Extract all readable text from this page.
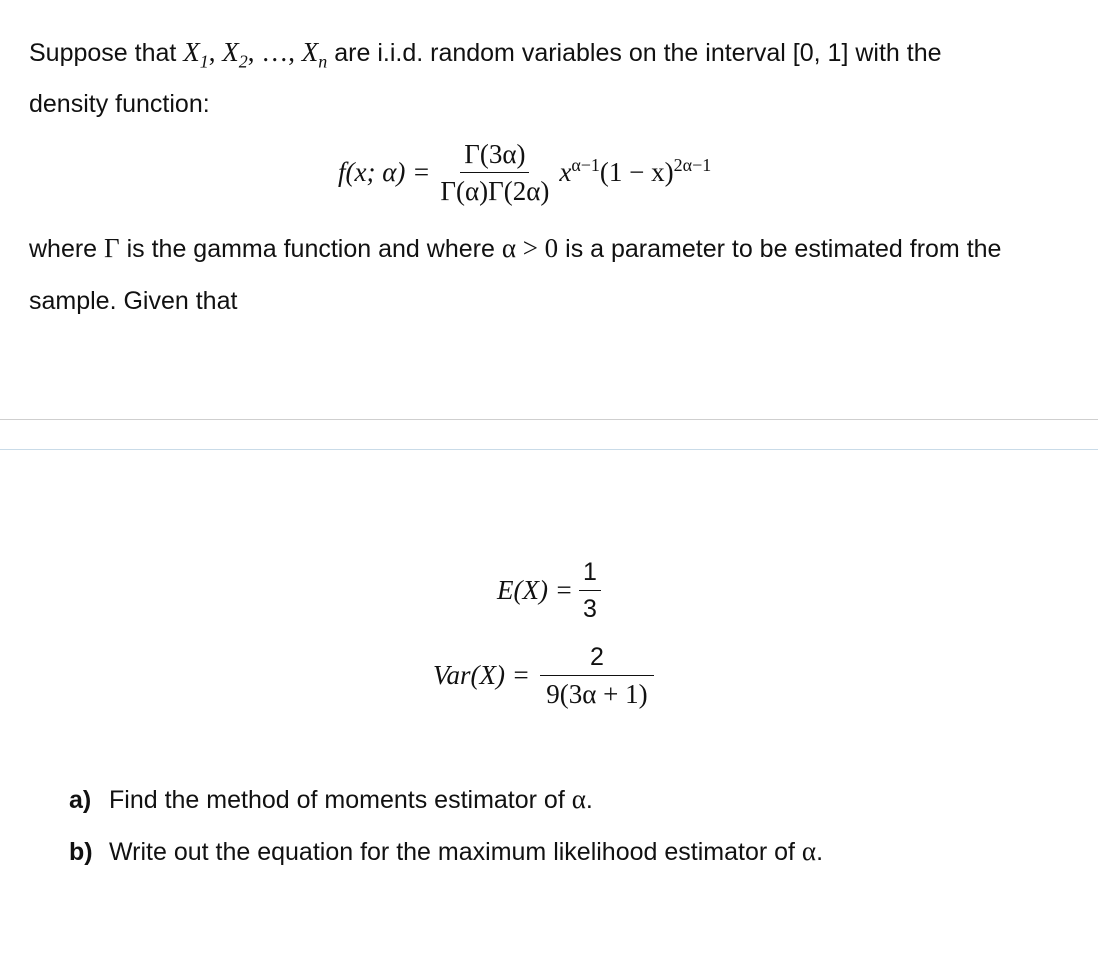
Suppose that $X_1$, $X_2$, …, $X_n$ are i.i.d. random variables on the interval [0, 1] with the
density function:
f(x; $\alpha) = \frac{\Gamma(3\alpha)}{\Gamma(\alpha)\Gamma(2\alpha)} x^{\alpha-1}(1 - x)^{2\alpha-1}$
where Γ is the gamma function and where α > 0 is a parameter to be estimated from the
sample. Given that
$E(X) = \frac{1}{3}$
$Var(X) = \frac{2}{9(3\alpha + 1)}$
a) Find the method of moments estimator of α.
b) Write out the equation for the maximum likelihood estimator of α.
